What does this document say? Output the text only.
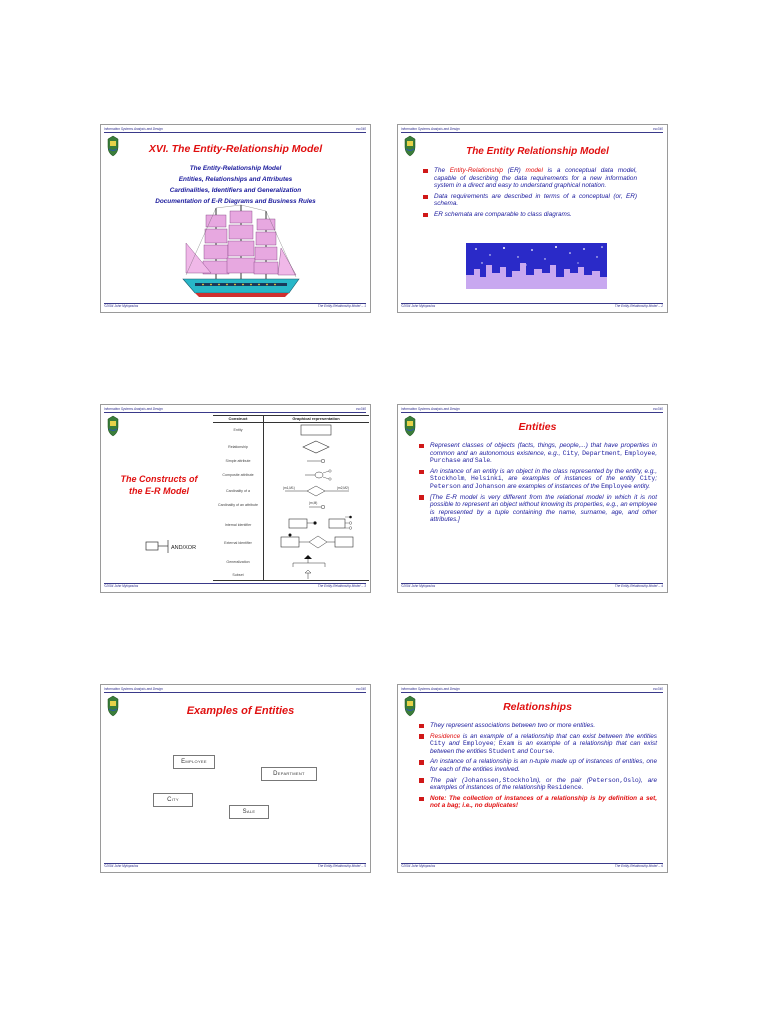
Information Systems Analysis and Design	csc340
XVI. The Entity-Relationship Model
The Entity-Relationship Model
Entities, Relationships and Attributes
Cardinalities, Identifiers and Generalization
Documentation of E-R Diagrams and Business Rules
©2004 John Mylopoulos	The Entity-Relationship Model -- 1
Information Systems Analysis and Design	csc340
The Entity Relationship Model
The Entity-Relationship (ER) model is a conceptual data model, capable of describing the data requirements for a new information system in a direct and easy to understand graphical notation.
Data requirements are described in terms of a conceptual (or, ER) schema.
ER schemata are comparable to class diagrams.
©2004 John Mylopoulos	The Entity-Relationship Model -- 2
Information Systems Analysis and Design	csc340
The Constructs of
the E-R Model
AND/XOR
Construct	Graphical representation
Entity
Relationship
Simple attribute
Composite attribute
Cardinality of a
Cardinality of an attribute
Internal identifier
External identifier
Generalization
Subset
(m1,M1)	(m2,M2)
(m,M)
©2004 John Mylopoulos	The Entity-Relationship Model -- 3
Information Systems Analysis and Design	csc340
Entities
Represent classes of objects (facts, things, people,...) that have properties in common and an autonomous existence, e.g., City, Department, Employee, Purchase and Sale.
An instance of an entity is an object in the class represented by the entity, e.g., Stockholm, Helsinki, are examples of instances of the entity City; Peterson and Johanson are examples of instances of the Employee entity.
[The E-R model is very different from the relational model in which it is not possible to represent an object without knowing its properties, e.g., an employee is represented by a tuple containing the name, surname, age, and other attributes.]
©2004 John Mylopoulos	The Entity-Relationship Model -- 4
Information Systems Analysis and Design	csc340
Examples of Entities
Employee
Department
City
Sale
©2004 John Mylopoulos	The Entity-Relationship Model -- 5
Information Systems Analysis and Design	csc340
Relationships
They represent associations between two or more entities.
Residence is an example of a relationship that can exist between the entities City and Employee; Exam is an example of a relationship that can exist between the entities Student and Course.
An instance of a relationship is an n-tuple made up of instances of entities, one for each of the entities involved.
The pair (Johanssen,Stockholm), or the pair (Peterson,Oslo), are examples of instances of the relationship Residence.
Note: The collection of instances of a relationship is by definition a set, not a bag; i.e., no duplicates!
©2004 John Mylopoulos	The Entity-Relationship Model -- 6
